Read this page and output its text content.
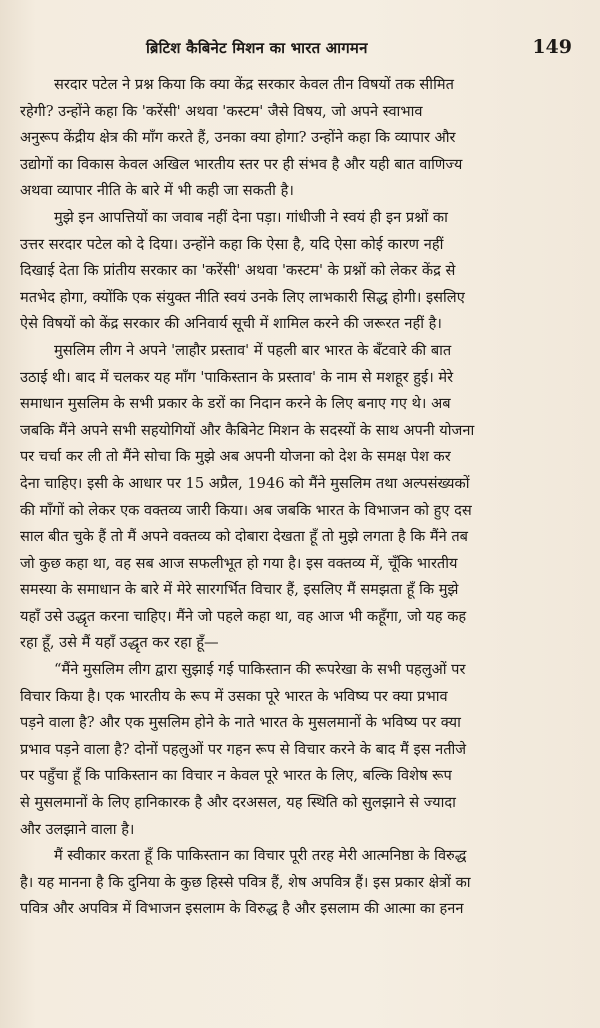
ब्रिटिश कैबिनेट मिशन का भारत आगमन	149

सरदार पटेल ने प्रश्न किया कि क्या केंद्र सरकार केवल तीन विषयों तक सीमित
रहेगी? उन्होंने कहा कि 'करेंसी' अथवा 'कस्टम' जैसे विषय, जो अपने स्वाभाव
अनुरूप केंद्रीय क्षेत्र की माँग करते हैं, उनका क्या होगा? उन्होंने कहा कि व्यापार और
उद्योगों का विकास केवल अखिल भारतीय स्तर पर ही संभव है और यही बात वाणिज्य
अथवा व्यापार नीति के बारे में भी कही जा सकती है।

मुझे इन आपत्तियों का जवाब नहीं देना पड़ा। गांधीजी ने स्वयं ही इन प्रश्नों का
उत्तर सरदार पटेल को दे दिया। उन्होंने कहा कि ऐसा है, यदि ऐसा कोई कारण नहीं
दिखाई देता कि प्रांतीय सरकार का 'करेंसी' अथवा 'कस्टम' के प्रश्नों को लेकर केंद्र से
मतभेद होगा, क्योंकि एक संयुक्त नीति स्वयं उनके लिए लाभकारी सिद्ध होगी। इसलिए
ऐसे विषयों को केंद्र सरकार की अनिवार्य सूची में शामिल करने की जरूरत नहीं है।

मुसलिम लीग ने अपने 'लाहौर प्रस्ताव' में पहली बार भारत के बँटवारे की बात
उठाई थी। बाद में चलकर यह माँग 'पाकिस्तान के प्रस्ताव' के नाम से मशहूर हुई। मेरे
समाधान मुसलिम के सभी प्रकार के डरों का निदान करने के लिए बनाए गए थे। अब
जबकि मैंने अपने सभी सहयोगियों और कैबिनेट मिशन के सदस्यों के साथ अपनी योजना
पर चर्चा कर ली तो मैंने सोचा कि मुझे अब अपनी योजना को देश के समक्ष पेश कर
देना चाहिए। इसी के आधार पर 15 अप्रैल, 1946 को मैंने मुसलिम तथा अल्पसंख्यकों
की माँगों को लेकर एक वक्तव्य जारी किया। अब जबकि भारत के विभाजन को हुए दस
साल बीत चुके हैं तो मैं अपने वक्तव्य को दोबारा देखता हूँ तो मुझे लगता है कि मैंने तब
जो कुछ कहा था, वह सब आज सफलीभूत हो गया है। इस वक्तव्य में, चूँकि भारतीय
समस्या के समाधान के बारे में मेरे सारगर्भित विचार हैं, इसलिए मैं समझता हूँ कि मुझे
यहाँ उसे उद्धृत करना चाहिए। मैंने जो पहले कहा था, वह आज भी कहूँगा, जो यह कह
रहा हूँ, उसे मैं यहाँ उद्धृत कर रहा हूँ—

“मैंने मुसलिम लीग द्वारा सुझाई गई पाकिस्तान की रूपरेखा के सभी पहलुओं पर
विचार किया है। एक भारतीय के रूप में उसका पूरे भारत के भविष्य पर क्या प्रभाव
पड़ने वाला है? और एक मुसलिम होने के नाते भारत के मुसलमानों के भविष्य पर क्या
प्रभाव पड़ने वाला है? दोनों पहलुओं पर गहन रूप से विचार करने के बाद मैं इस नतीजे
पर पहुँचा हूँ कि पाकिस्तान का विचार न केवल पूरे भारत के लिए, बल्कि विशेष रूप
से मुसलमानों के लिए हानिकारक है और दरअसल, यह स्थिति को सुलझाने से ज्यादा
और उलझाने वाला है।

मैं स्वीकार करता हूँ कि पाकिस्तान का विचार पूरी तरह मेरी आत्मनिष्ठा के विरुद्ध
है। यह मानना है कि दुनिया के कुछ हिस्से पवित्र हैं, शेष अपवित्र हैं। इस प्रकार क्षेत्रों का
पवित्र और अपवित्र में विभाजन इसलाम के विरुद्ध है और इसलाम की आत्मा का हनन
